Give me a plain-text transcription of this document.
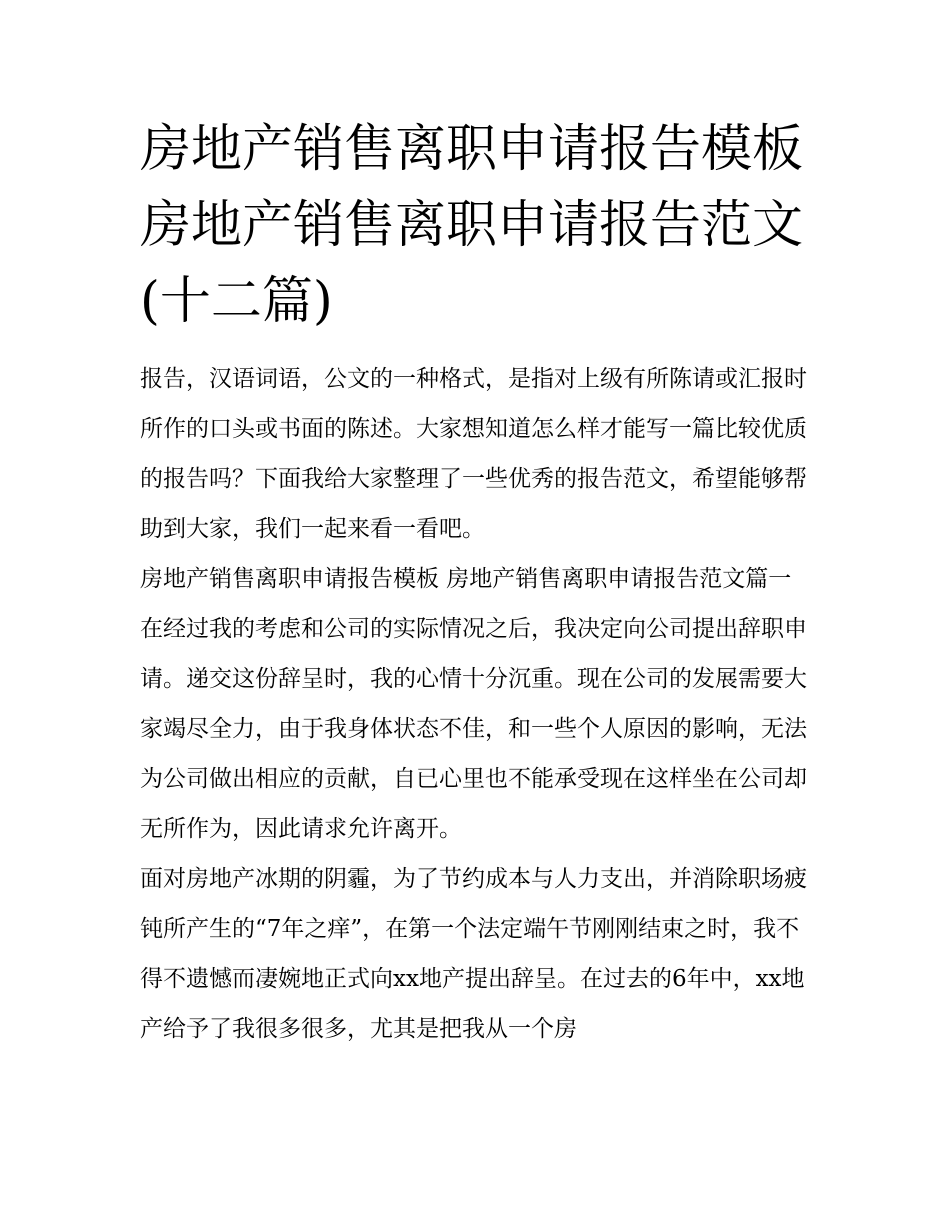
房地产销售离职申请报告模板 房地产销售离职申请报告范文(十二篇)

报告，汉语词语，公文的一种格式，是指对上级有所陈请或汇报时所作的口头或书面的陈述。大家想知道怎么样才能写一篇比较优质的报告吗？下面我给大家整理了一些优秀的报告范文，希望能够帮助到大家，我们一起来看一看吧。

房地产销售离职申请报告模板 房地产销售离职申请报告范文篇一

在经过我的考虑和公司的实际情况之后，我决定向公司提出辞职申请。递交这份辞呈时，我的心情十分沉重。现在公司的发展需要大家竭尽全力，由于我身体状态不佳，和一些个人原因的影响，无法为公司做出相应的贡献，自已心里也不能承受现在这样坐在公司却无所作为，因此请求允许离开。

面对房地产冰期的阴霾，为了节约成本与人力支出，并消除职场疲钝所产生的“7年之痒”，在第一个法定端午节刚刚结束之时，我不得不遗憾而凄婉地正式向xx地产提出辞呈。在过去的6年中，xx地产给予了我很多很多，尤其是把我从一个房
